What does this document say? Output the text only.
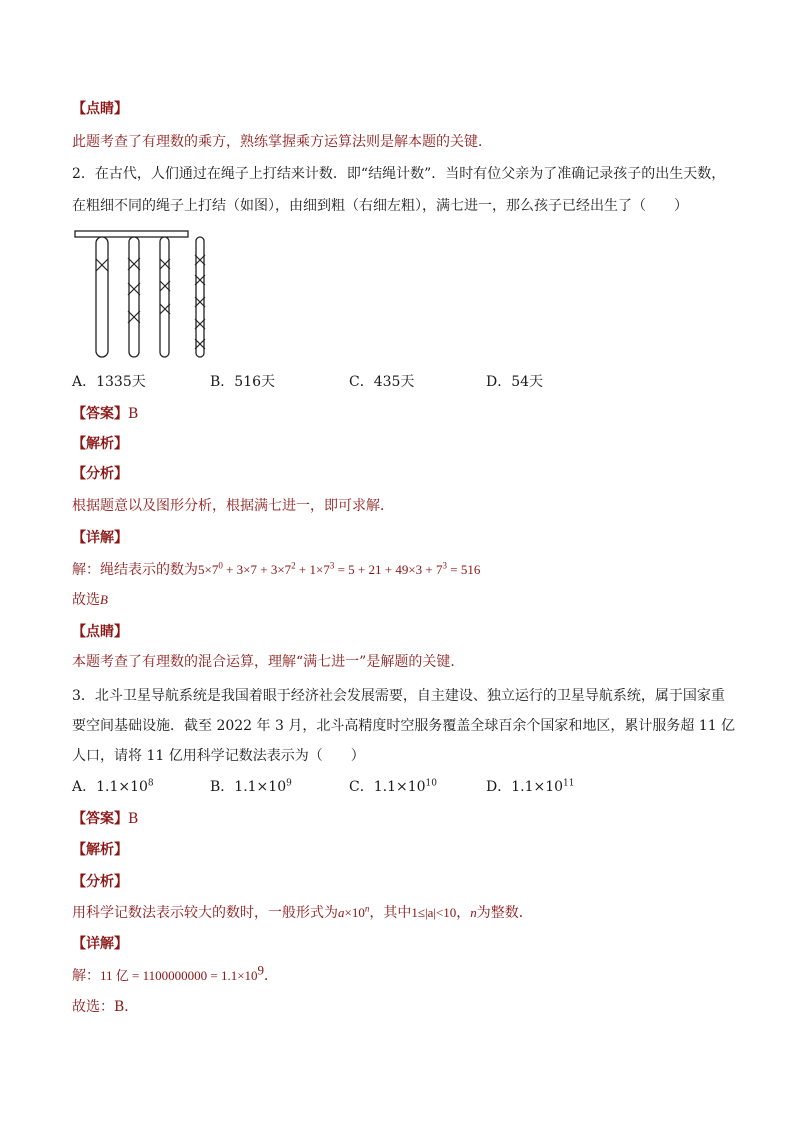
【点睛】
此题考查了有理数的乘方，熟练掌握乘方运算法则是解本题的关键．
2．在古代，人们通过在绳子上打结来计数．即“结绳计数”．当时有位父亲为了准确记录孩子的出生天数，
在粗细不同的绳子上打结（如图），由细到粗（右细左粗），满七进一，那么孩子已经出生了（　　）
A．1335天	B．516天	C．435天	D．54天
【答案】B
【解析】
【分析】
根据题意以及图形分析，根据满七进一，即可求解．
【详解】
解：绳结表示的数为$5\times 7^0 + 3\times 7 + 3\times 7^2 + 1\times 7^3 = 5 + 21 + 49\times 3 + 7^3 = 516$
故选B
【点睛】
本题考查了有理数的混合运算，理解“满七进一”是解题的关键．
3．北斗卫星导航系统是我国着眼于经济社会发展需要，自主建设、独立运行的卫星导航系统，属于国家重
要空间基础设施．截至 2022 年 3 月，北斗高精度时空服务覆盖全球百余个国家和地区，累计服务超 11 亿
人口，请将 11 亿用科学记数法表示为（　　）
A．$1.1\times 10^8$	B．$1.1\times 10^9$	C．$1.1\times 10^{10}$	D．$1.1\times 10^{11}$
【答案】B
【解析】
【分析】
用科学记数法表示较大的数时，一般形式为$a\times 10^n$，其中1≤|a|<10，n为整数．
【详解】
解：11 亿 = $1100000000 = 1.1\times 10^9$．
故选：B．
